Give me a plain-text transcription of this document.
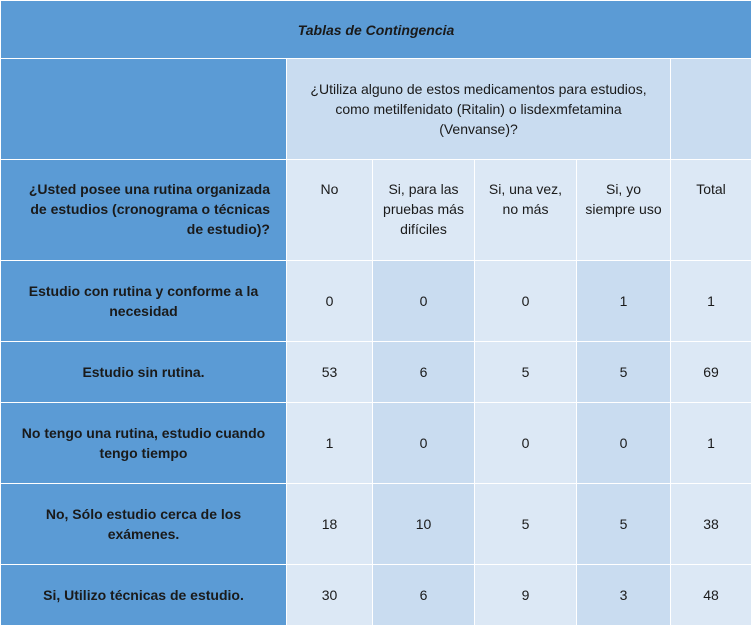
Tablas de Contingencia					
	¿Utiliza alguno de estos medicamentos para estudios, como metilfenidato (Ritalin) o lisdexmfetamina (Venvanse)?				
¿Usted posee una rutina organizada de estudios (cronograma o técnicas de estudio)?	No	Si, para las pruebas más difíciles	Si, una vez, no más	Si, yo siempre uso	Total
Estudio con rutina y conforme a la necesidad	0	0	0	1	1
Estudio sin rutina.	53	6	5	5	69
No tengo una rutina, estudio cuando tengo tiempo	1	0	0	0	1
No, Sólo estudio cerca de los exámenes.	18	10	5	5	38
Si, Utilizo técnicas de estudio.	30	6	9	3	48
